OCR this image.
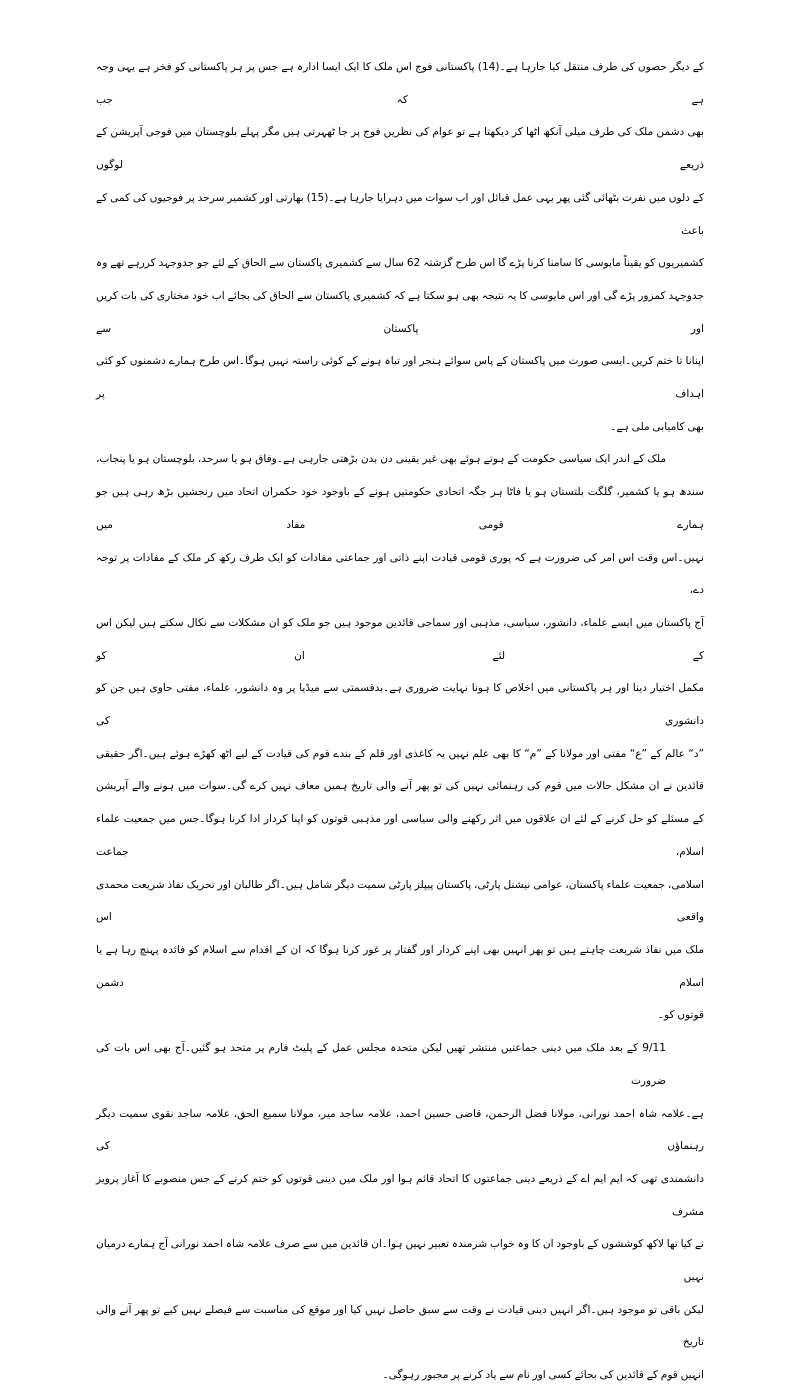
کے دیگر حصوں کی طرف منتقل کیا جارہا ہے۔(14) پاکستانی فوج اس ملک کا ایک ایسا ادارہ ہے جس پر ہر پاکستانی کو فخر ہے یہی وجہ ہے کہ جب
بھی دشمن ملک کی طرف میلی آنکھ اٹھا کر دیکھتا ہے تو عوام کی نظریں فوج پر جا ٹھہرتی ہیں مگر پہلے بلوچستان میں فوجی آپریشن کے ذریعے لوگوں
کے دلوں میں نفرت بٹھائی گئی پھر یہی عمل قبائل اور اب سوات میں دہرایا جارہا ہے۔(15) بھارتی اور کشمیر سرحد پر فوجیوں کی کمی کے باعث
کشمیریوں کو یقیناً مایوسی کا سامنا کرنا پڑے گا اس طرح گزشتہ 62 سال سے کشمیری پاکستان سے الحاق کے لئے جو جدوجہد کررہے تھے وہ
جدوجہد کمزور پڑے گی اور اس مایوسی کا یہ نتیجہ بھی ہو سکتا ہے کہ کشمیری پاکستان سے الحاق کی بجائے اب خود مختاری کی بات کریں اور پاکستان سے
اپنانا تا ختم کریں۔ایسی صورت میں پاکستان کے پاس سوائے ہنجر اور تباہ ہونے کے کوئی راستہ نہیں ہوگا۔اس طرح ہمارے دشمنوں کو کئی اہداف پر
بھی کامیابی ملی ہے۔
ملک کے اندر ایک سیاسی حکومت کے ہوتے ہوئے بھی غیر یقینی دن بدن بڑھتی جارہی ہے۔وفاق ہو یا سرحد، بلوچستان ہو یا پنجاب،
سندھ ہو یا کشمیر، گلگت بلتستان ہو یا فاٹا ہر جگہ اتحادی حکومتیں ہونے کے باوجود خود حکمران اتحاد میں رنجشیں بڑھ رہی ہیں جو ہمارے قومی مفاد میں
نہیں۔اس وقت اس امر کی ضرورت ہے کہ پوری قومی قیادت اپنے ذاتی اور جماعتی مفادات کو ایک طرف رکھ کر ملک کے مفادات پر توجہ دے،
آج پاکستان میں ایسے علماء، دانشور، سیاسی، مذہبی اور سماجی قائدین موجود ہیں جو ملک کو ان مشکلات سے نکال سکتے ہیں لیکن اس کے لئے ان کو
مکمل اختیار دینا اور ہر پاکستانی میں اخلاص کا ہونا نہایت ضروری ہے۔بدقسمتی سے میڈیا پر وہ دانشور، علماء، مفتی حاوی ہیں جن کو دانشوری کی
”د“ عالم کے ”ع“ مفتی اور مولانا کے ”م“ کا بھی علم نہیں یہ کاغذی اور قلم کے بندے قوم کی قیادت کے لیے اٹھ کھڑے ہوئے ہیں۔اگر حقیقی
قائدین نے ان مشکل حالات میں قوم کی رہنمائی نہیں کی تو پھر آنے والی تاریخ ہمیں معاف نہیں کرے گی۔سوات میں ہونے والے آپریشن
کے مسئلے کو حل کرنے کے لئے ان علاقوں میں اثر رکھنے والی سیاسی اور مذہبی قوتوں کو اپنا کردار ادا کرنا ہوگا۔جس میں جمعیت علماء اسلام، جماعت
اسلامی، جمعیت علماء پاکستان، عوامی نیشنل پارٹی، پاکستان پیپلز پارٹی سمیت دیگر شامل ہیں۔اگر طالبان اور تحریک نفاذ شریعت محمدی واقعی اس
ملک میں نفاذ شریعت چاہتے ہیں تو پھر انہیں بھی اپنے کردار اور گفتار پر غور کرنا ہوگا کہ ان کے اقدام سے اسلام کو فائدہ پہنچ رہا ہے یا اسلام دشمن
قوتوں کو۔
9/11 کے بعد ملک میں دینی جماعتیں منتشر تھیں لیکن متحدہ مجلس عمل کے پلیٹ فارم پر متحد ہو گئیں۔آج بھی اس بات کی ضرورت
ہے۔علامہ شاہ احمد نورانی، مولانا فضل الرحمن، قاضی حسین احمد، علامہ ساجد میر، مولانا سمیع الحق، علامہ ساجد نقوی سمیت دیگر رہنماؤں کی
دانشمندی تھی کہ ایم ایم اے کے ذریعے دینی جماعتوں کا اتحاد قائم ہوا اور ملک میں دینی قوتوں کو ختم کرنے کے جس منصوبے کا آغاز پرویز مشرف
نے کیا تھا لاکھ کوششوں کے باوجود ان کا وہ خواب شرمندہ تعبیر نہیں ہوا۔ان قائدین میں سے صرف علامہ شاہ احمد نورانی آج ہمارے درمیان نہیں
لیکن باقی تو موجود ہیں۔اگر انہیں دینی قیادت نے وقت سے سبق حاصل نہیں کیا اور موقع کی مناسبت سے فیصلے نہیں کیے تو پھر آنے والی تاریخ
انہیں قوم کے قائدین کی بجائے کسی اور نام سے یاد کرنے پر مجبور رہوگی۔
